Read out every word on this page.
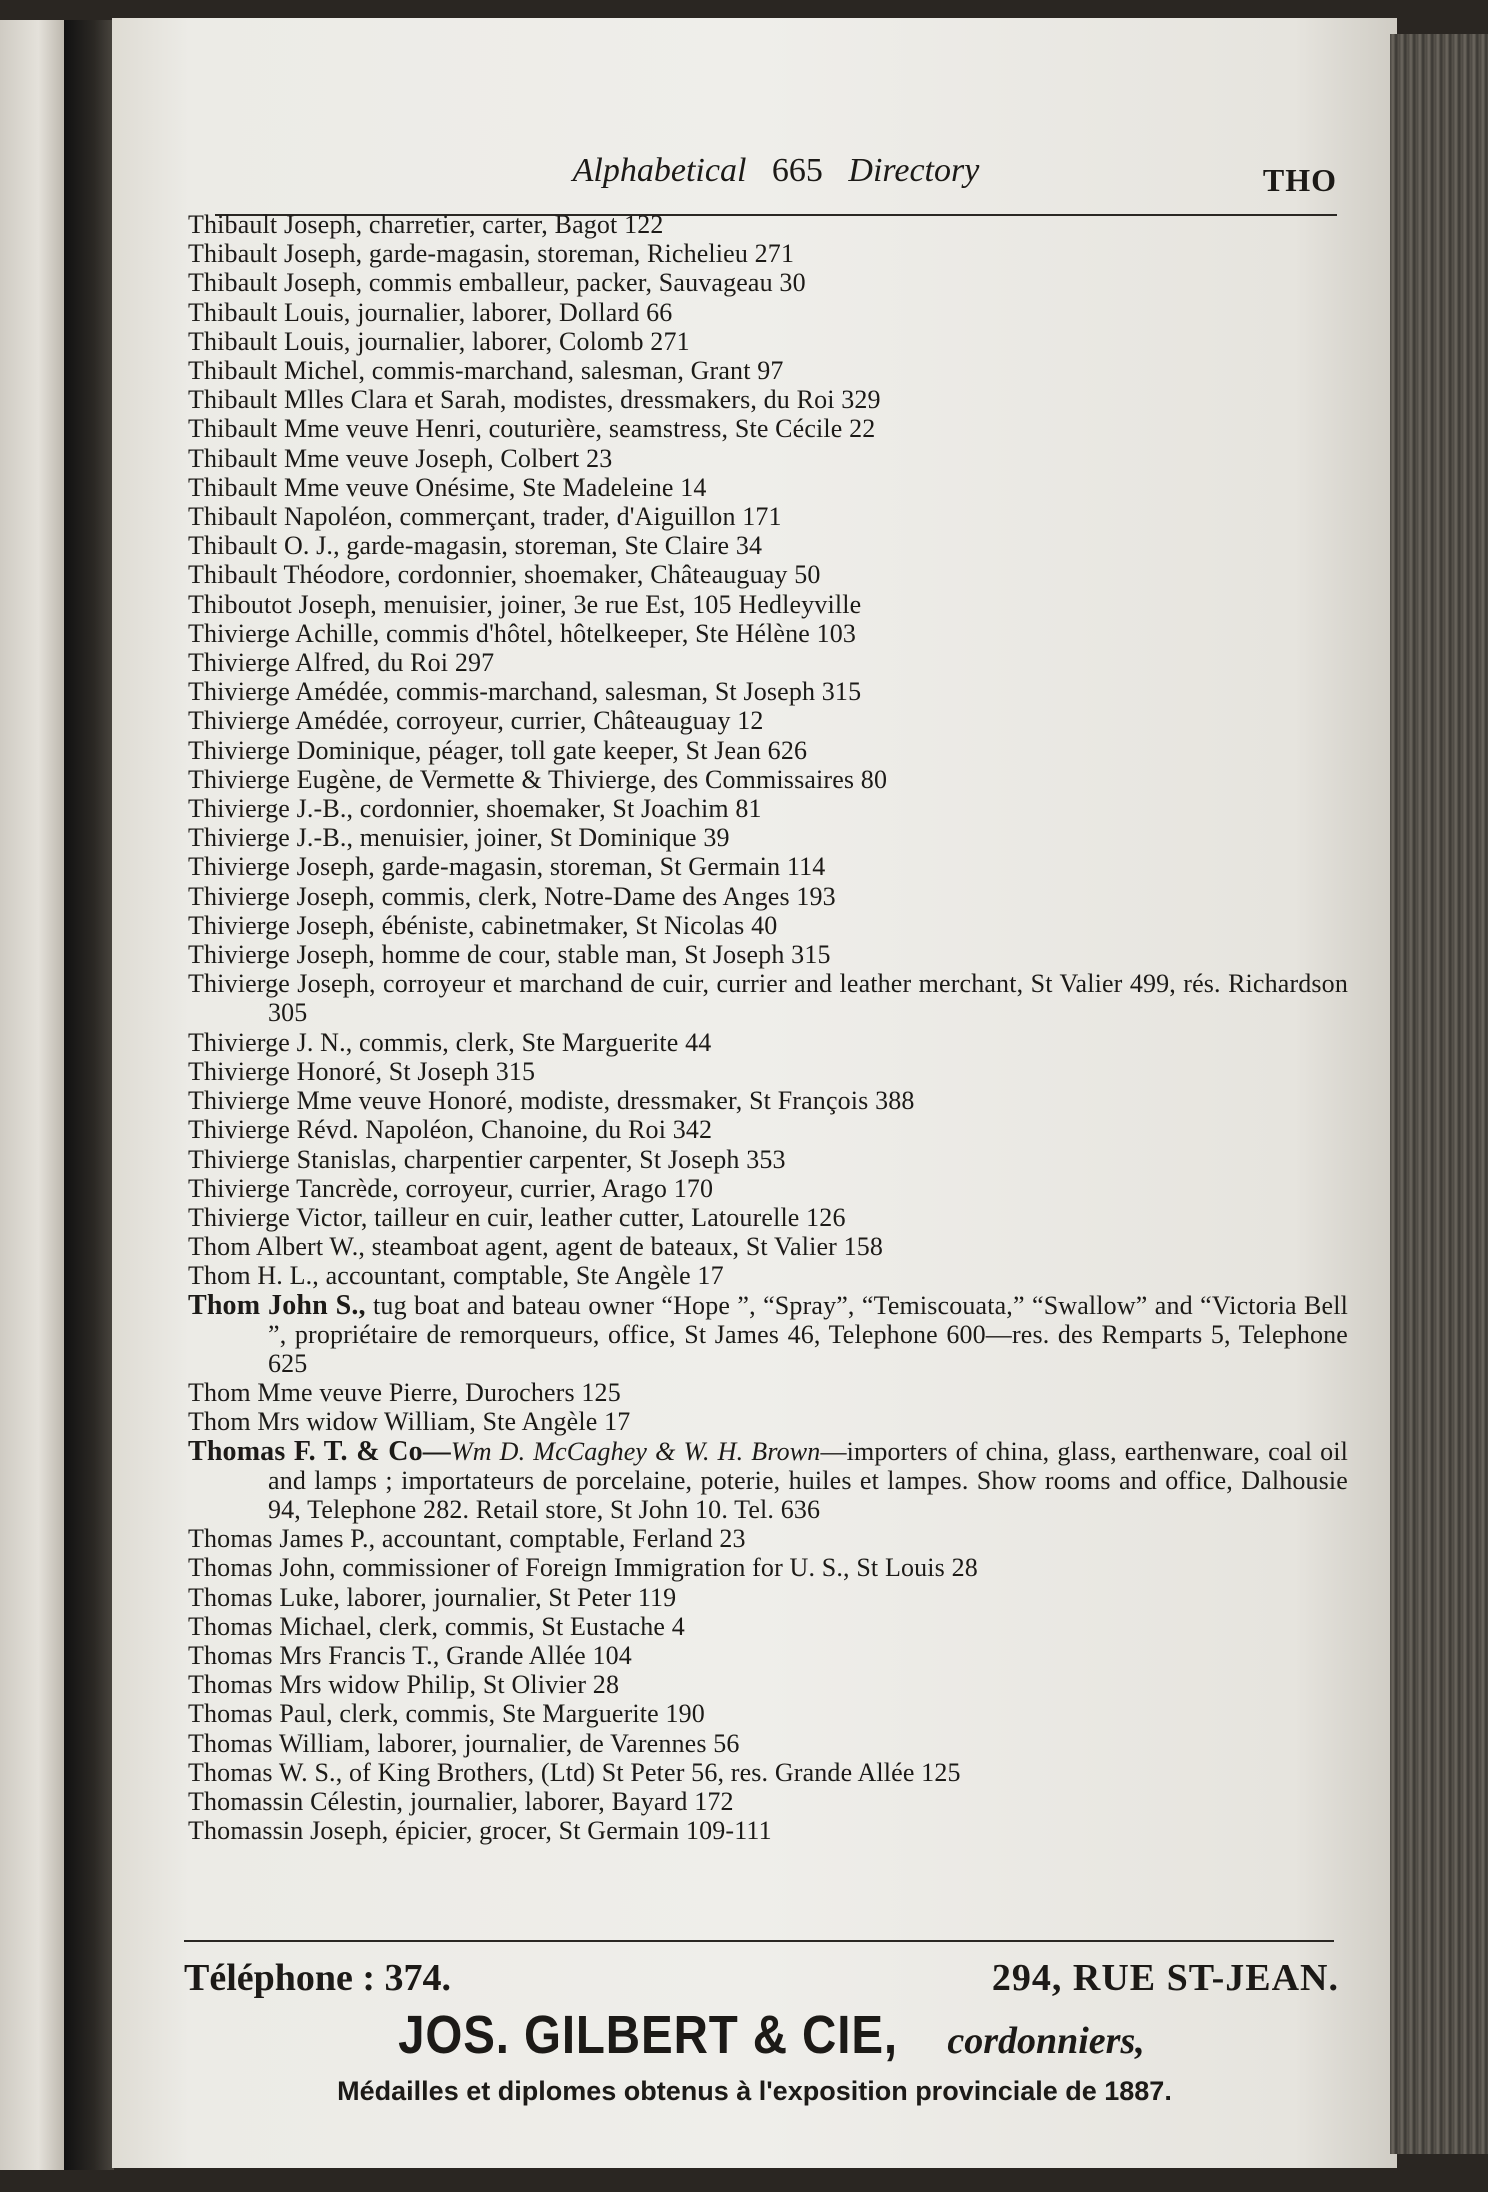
Alphabetical 665 Directory	THO
Thibault Joseph, charretier, carter, Bagot 122
Thibault Joseph, garde-magasin, storeman, Richelieu 271
Thibault Joseph, commis emballeur, packer, Sauvageau 30
Thibault Louis, journalier, laborer, Dollard 66
Thibault Louis, journalier, laborer, Colomb 271
Thibault Michel, commis-marchand, salesman, Grant 97
Thibault Mlles Clara et Sarah, modistes, dressmakers, du Roi 329
Thibault Mme veuve Henri, couturière, seamstress, Ste Cécile 22
Thibault Mme veuve Joseph, Colbert 23
Thibault Mme veuve Onésime, Ste Madeleine 14
Thibault Napoléon, commerçant, trader, d'Aiguillon 171
Thibault O. J., garde-magasin, storeman, Ste Claire 34
Thibault Théodore, cordonnier, shoemaker, Châteauguay 50
Thiboutot Joseph, menuisier, joiner, 3e rue Est, 105 Hedleyville
Thivierge Achille, commis d'hôtel, hôtelkeeper, Ste Hélène 103
Thivierge Alfred, du Roi 297
Thivierge Amédée, commis-marchand, salesman, St Joseph 315
Thivierge Amédée, corroyeur, currier, Châteauguay 12
Thivierge Dominique, péager, toll gate keeper, St Jean 626
Thivierge Eugène, de Vermette & Thivierge, des Commissaires 80
Thivierge J.-B., cordonnier, shoemaker, St Joachim 81
Thivierge J.-B., menuisier, joiner, St Dominique 39
Thivierge Joseph, garde-magasin, storeman, St Germain 114
Thivierge Joseph, commis, clerk, Notre-Dame des Anges 193
Thivierge Joseph, ébéniste, cabinetmaker, St Nicolas 40
Thivierge Joseph, homme de cour, stable man, St Joseph 315
Thivierge Joseph, corroyeur et marchand de cuir, currier and leather merchant, St Valier 499, rés. Richardson 305
Thivierge J. N., commis, clerk, Ste Marguerite 44
Thivierge Honoré, St Joseph 315
Thivierge Mme veuve Honoré, modiste, dressmaker, St François 388
Thivierge Révd. Napoléon, Chanoine, du Roi 342
Thivierge Stanislas, charpentier carpenter, St Joseph 353
Thivierge Tancrède, corroyeur, currier, Arago 170
Thivierge Victor, tailleur en cuir, leather cutter, Latourelle 126
Thom Albert W., steamboat agent, agent de bateaux, St Valier 158
Thom H. L., accountant, comptable, Ste Angèle 17
Thom John S., tug boat and bateau owner “Hope ”, “Spray”, “Temiscouata,” “Swallow” and “Victoria Bell ”, propriétaire de remorqueurs, office, St James 46, Telephone 600—res. des Remparts 5, Telephone 625
Thom Mme veuve Pierre, Durochers 125
Thom Mrs widow William, Ste Angèle 17
Thomas F. T. & Co—Wm D. McCaghey & W. H. Brown—importers of china, glass, earthenware, coal oil and lamps ; importateurs de porcelaine, poterie, huiles et lampes. Show rooms and office, Dalhousie 94, Telephone 282. Retail store, St John 10. Tel. 636
Thomas James P., accountant, comptable, Ferland 23
Thomas John, commissioner of Foreign Immigration for U. S., St Louis 28
Thomas Luke, laborer, journalier, St Peter 119
Thomas Michael, clerk, commis, St Eustache 4
Thomas Mrs Francis T., Grande Allée 104
Thomas Mrs widow Philip, St Olivier 28
Thomas Paul, clerk, commis, Ste Marguerite 190
Thomas William, laborer, journalier, de Varennes 56
Thomas W. S., of King Brothers, (Ltd) St Peter 56, res. Grande Allée 125
Thomassin Célestin, journalier, laborer, Bayard 172
Thomassin Joseph, épicier, grocer, St Germain 109-111
Téléphone : 374.	294, RUE ST-JEAN.
JOS. GILBERT & CIE, cordonniers,
Médailles et diplomes obtenus à l'exposition provinciale de 1887.
